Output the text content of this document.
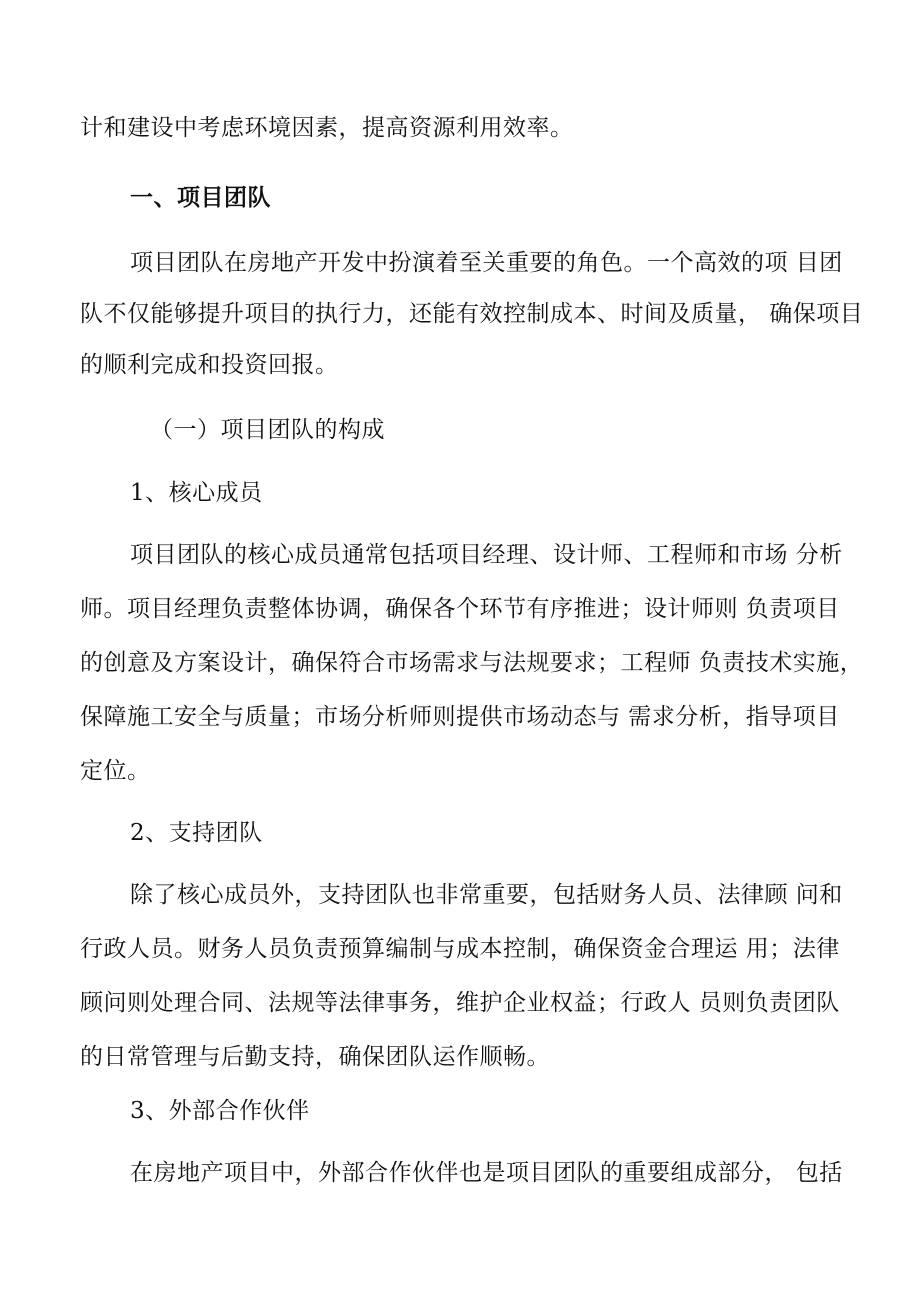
计和建设中考虑环境因素，提高资源利用效率。
一、项目团队
项目团队在房地产开发中扮演着至关重要的角色。一个高效的项 目团
队不仅能够提升项目的执行力，还能有效控制成本、时间及质量， 确保项目
的顺利完成和投资回报。
（一）项目团队的构成
1、核心成员
项目团队的核心成员通常包括项目经理、设计师、工程师和市场 分析
师。项目经理负责整体协调，确保各个环节有序推进；设计师则 负责项目
的创意及方案设计，确保符合市场需求与法规要求；工程师 负责技术实施，
保障施工安全与质量；市场分析师则提供市场动态与 需求分析，指导项目
定位。
2、支持团队
除了核心成员外，支持团队也非常重要，包括财务人员、法律顾 问和
行政人员。财务人员负责预算编制与成本控制，确保资金合理运 用；法律
顾问则处理合同、法规等法律事务，维护企业权益；行政人 员则负责团队
的日常管理与后勤支持，确保团队运作顺畅。
3、外部合作伙伴
在房地产项目中，外部合作伙伴也是项目团队的重要组成部分， 包括
